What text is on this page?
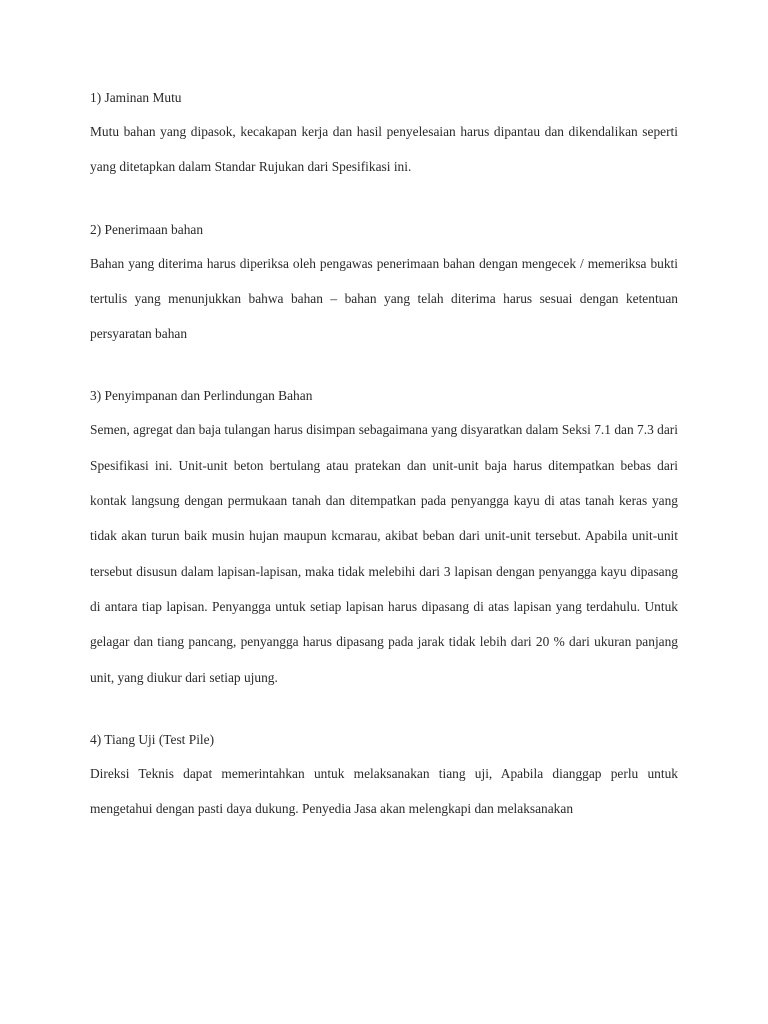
1) Jaminan Mutu

Mutu bahan yang dipasok, kecakapan kerja dan hasil penyelesaian harus dipantau dan dikendalikan seperti yang ditetapkan dalam Standar Rujukan dari Spesifikasi ini.

2) Penerimaan bahan

Bahan yang diterima harus diperiksa oleh pengawas penerimaan bahan dengan mengecek / memeriksa bukti tertulis yang menunjukkan bahwa bahan – bahan yang telah diterima harus sesuai dengan ketentuan persyaratan bahan

3) Penyimpanan dan Perlindungan Bahan

Semen, agregat dan baja tulangan harus disimpan sebagaimana yang disyaratkan dalam Seksi 7.1 dan 7.3 dari Spesifikasi ini. Unit-unit beton bertulang atau pratekan dan unit-unit baja harus ditempatkan bebas dari kontak langsung dengan permukaan tanah dan ditempatkan pada penyangga kayu di atas tanah keras yang tidak akan turun baik musin hujan maupun kcmarau, akibat beban dari unit-unit tersebut. Apabila unit-unit tersebut disusun dalam lapisan-lapisan, maka tidak melebihi dari 3 lapisan dengan penyangga kayu dipasang di antara tiap lapisan. Penyangga untuk setiap lapisan harus dipasang di atas lapisan yang terdahulu. Untuk gelagar dan tiang pancang, penyangga harus dipasang pada jarak tidak lebih dari 20 % dari ukuran panjang unit, yang diukur dari setiap ujung.

4) Tiang Uji (Test Pile)

Direksi Teknis dapat memerintahkan untuk melaksanakan tiang uji, Apabila dianggap perlu untuk mengetahui dengan pasti daya dukung. Penyedia Jasa akan melengkapi dan melaksanakan
